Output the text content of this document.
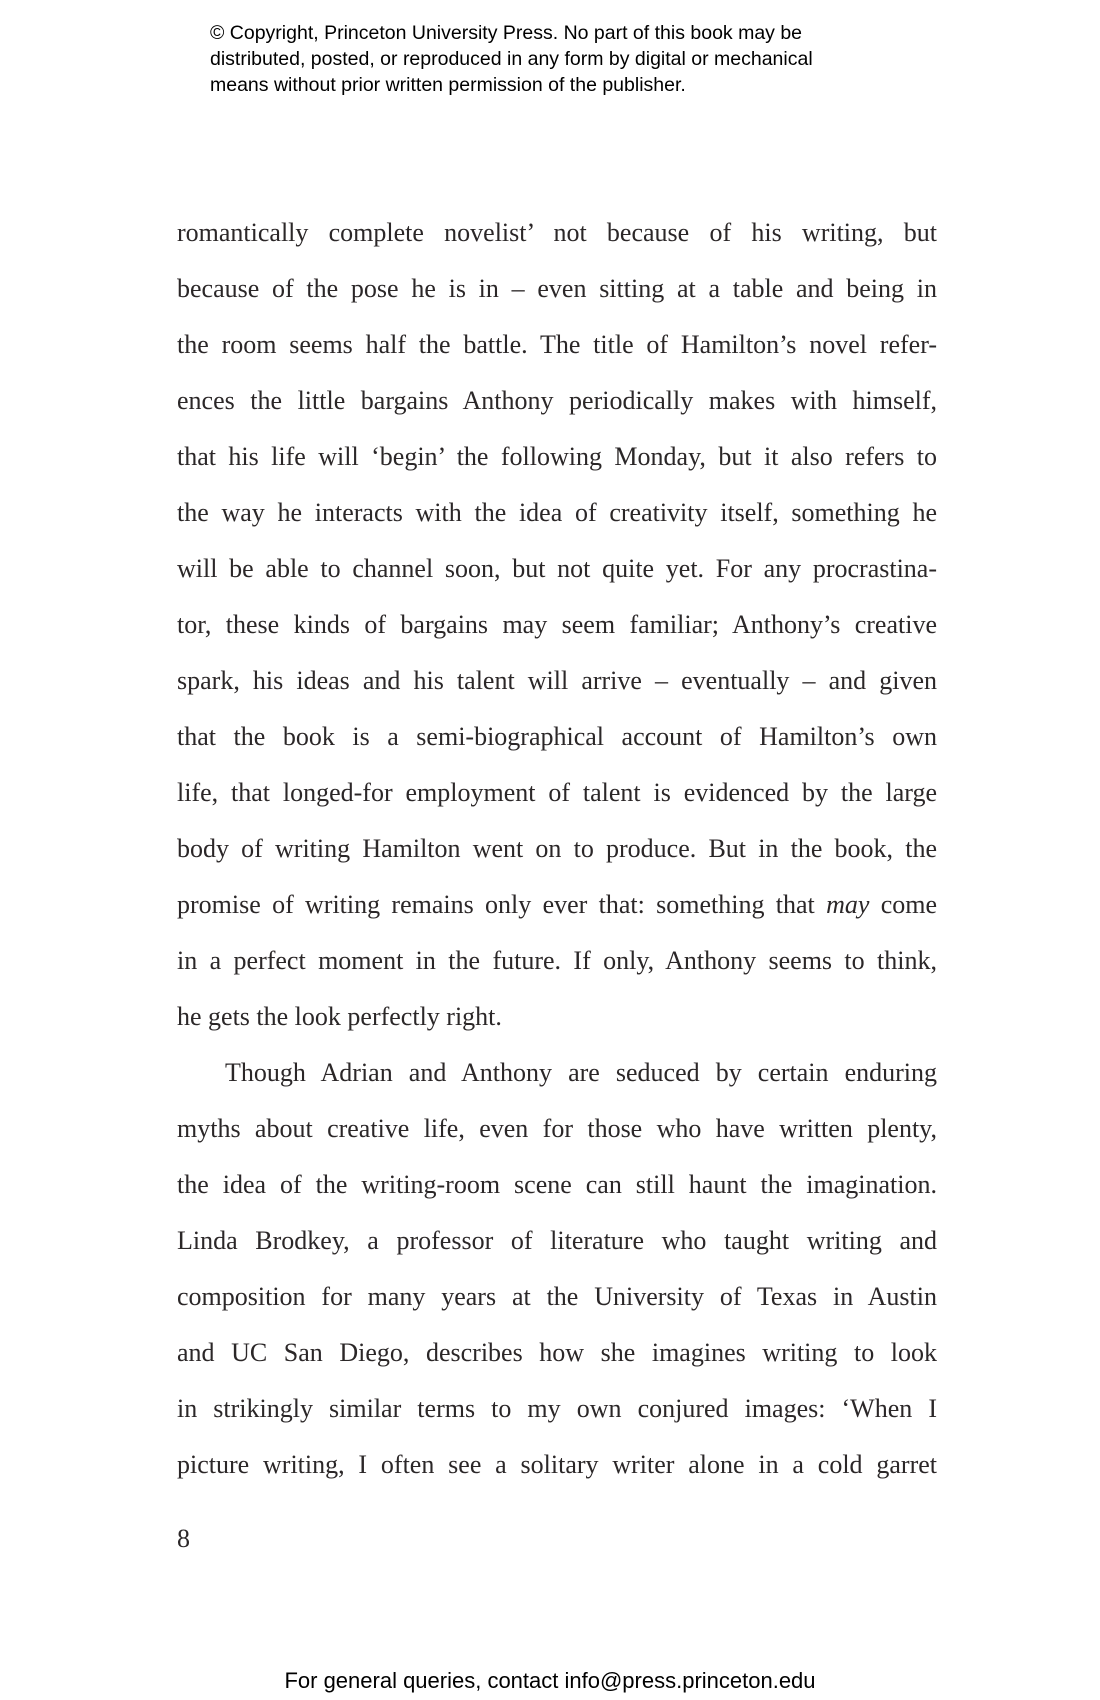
© Copyright, Princeton University Press. No part of this book may be
distributed, posted, or reproduced in any form by digital or mechanical
means without prior written permission of the publisher.
romantically complete novelist’ not because of his writing, but
because of the pose he is in – even sitting at a table and being in
the room seems half the battle. The title of Hamilton’s novel refer-
ences the little bargains Anthony periodically makes with himself,
that his life will ‘begin’ the following Monday, but it also refers to
the way he interacts with the idea of creativity itself, something he
will be able to channel soon, but not quite yet. For any procrastina-
tor, these kinds of bargains may seem familiar; Anthony’s creative
spark, his ideas and his talent will arrive – eventually – and given
that the book is a semi-biographical account of Hamilton’s own
life, that longed-for employment of talent is evidenced by the large
body of writing Hamilton went on to produce. But in the book, the
promise of writing remains only ever that: something that may come
in a perfect moment in the future. If only, Anthony seems to think,
he gets the look perfectly right.
Though Adrian and Anthony are seduced by certain enduring
myths about creative life, even for those who have written plenty,
the idea of the writing-room scene can still haunt the imagination.
Linda Brodkey, a professor of literature who taught writing and
composition for many years at the University of Texas in Austin
and UC San Diego, describes how she imagines writing to look
in strikingly similar terms to my own conjured images: ‘When I
picture writing, I often see a solitary writer alone in a cold garret
8
For general queries, contact info@press.princeton.edu
